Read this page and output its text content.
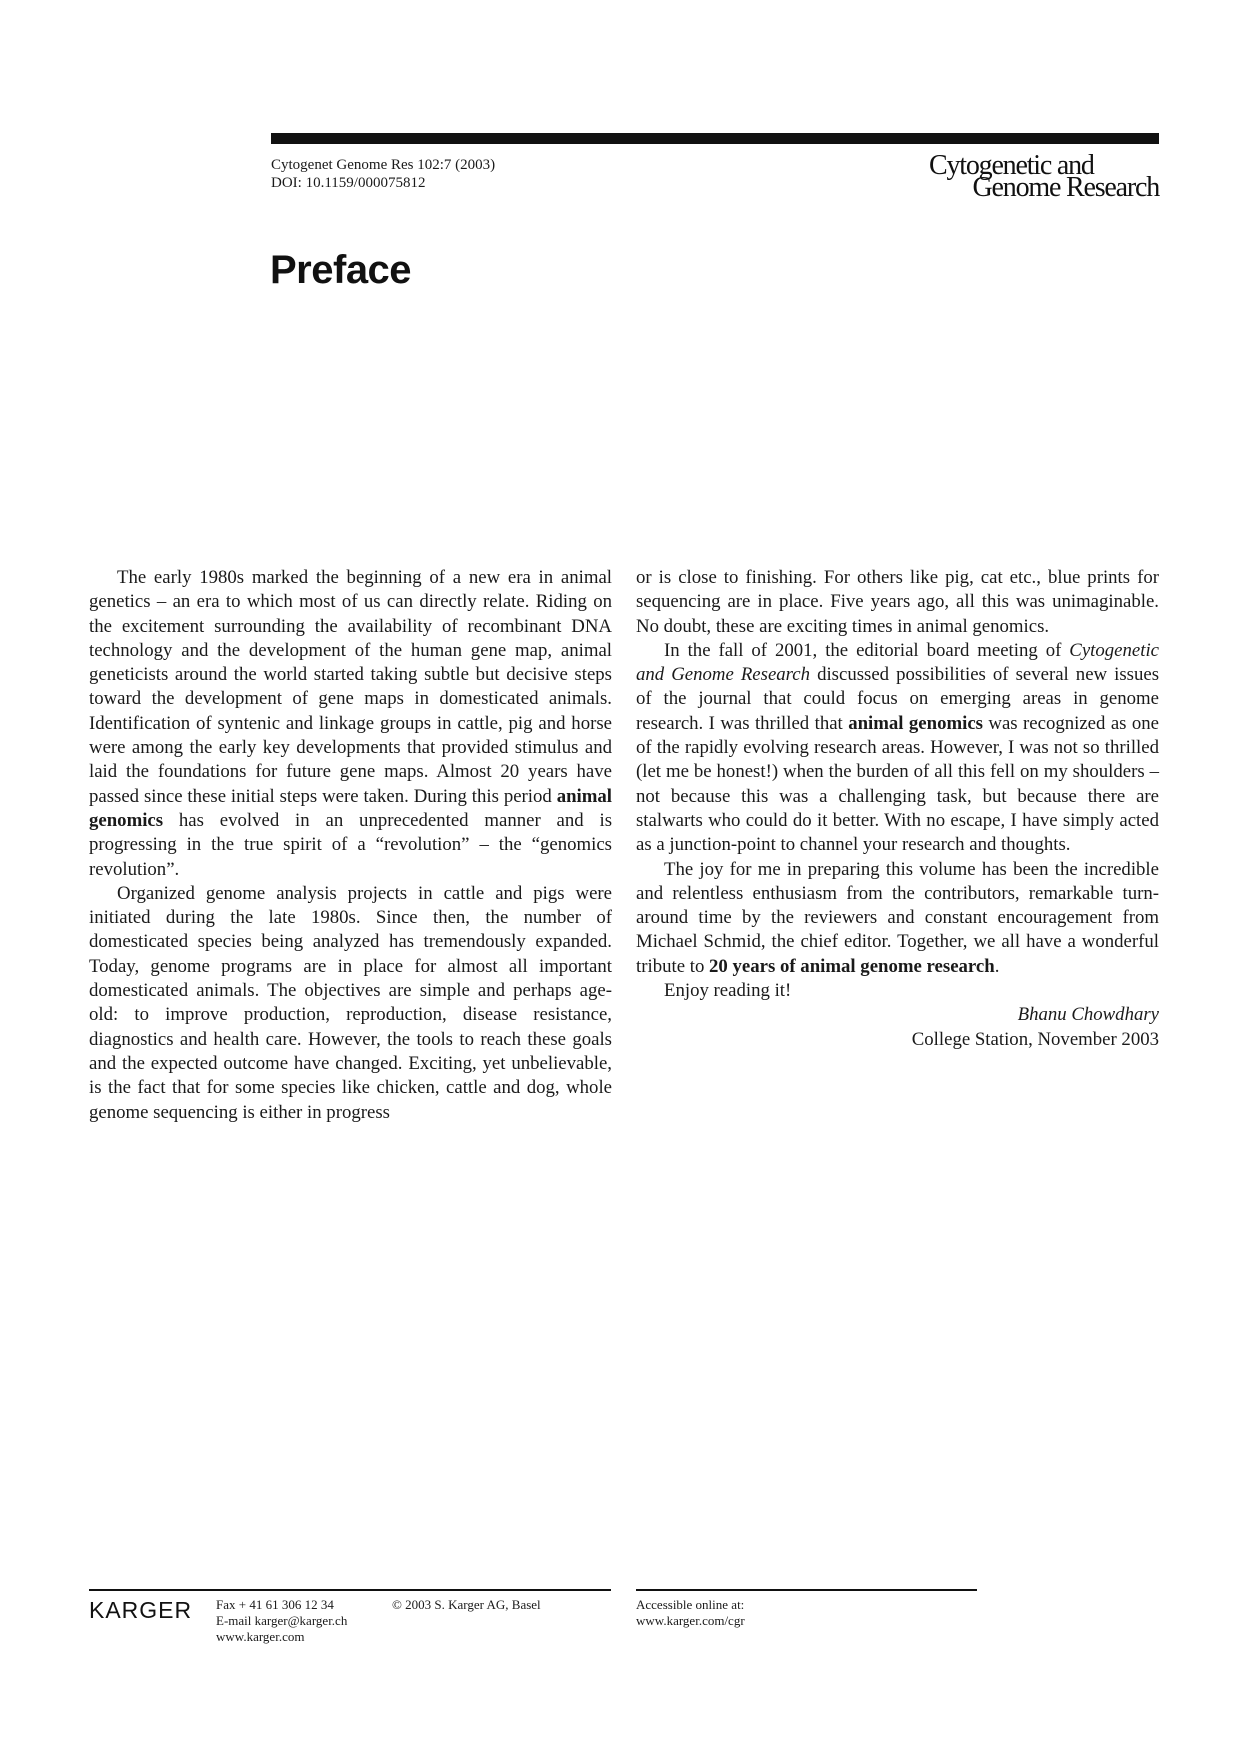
Cytogenet Genome Res 102:7 (2003)
DOI: 10.1159/000075812
Cytogenetic and
Genome Research
Preface

The early 1980s marked the beginning of a new era in animal genetics – an era to which most of us can directly relate. Riding on the excitement surrounding the availability of recombinant DNA technology and the development of the human gene map, animal geneticists around the world started taking subtle but decisive steps toward the development of gene maps in domesticated animals. Identification of syntenic and linkage groups in cattle, pig and horse were among the early key developments that provided stimulus and laid the foundations for future gene maps. Almost 20 years have passed since these initial steps were taken. During this period animal genomics has evolved in an unprecedented manner and is progressing in the true spirit of a “revolution” – the “genomics revolution”.

Organized genome analysis projects in cattle and pigs were initiated during the late 1980s. Since then, the number of domesticated species being analyzed has tremendously expanded. Today, genome programs are in place for almost all important domesticated animals. The objectives are simple and perhaps age-old: to improve production, reproduction, disease resistance, diagnostics and health care. However, the tools to reach these goals and the expected outcome have changed. Exciting, yet unbelievable, is the fact that for some species like chicken, cattle and dog, whole genome sequencing is either in progress

or is close to finishing. For others like pig, cat etc., blue prints for sequencing are in place. Five years ago, all this was unimaginable. No doubt, these are exciting times in animal genomics.

In the fall of 2001, the editorial board meeting of Cytogenetic and Genome Research discussed possibilities of several new issues of the journal that could focus on emerging areas in genome research. I was thrilled that animal genomics was recognized as one of the rapidly evolving research areas. However, I was not so thrilled (let me be honest!) when the burden of all this fell on my shoulders – not because this was a challenging task, but because there are stalwarts who could do it better. With no escape, I have simply acted as a junction-point to channel your research and thoughts.

The joy for me in preparing this volume has been the incredible and relentless enthusiasm from the contributors, remarkable turn-around time by the reviewers and constant encouragement from Michael Schmid, the chief editor. Together, we all have a wonderful tribute to 20 years of animal genome research.

Enjoy reading it!

Bhanu Chowdhary

College Station, November 2003

KARGER Fax + 41 61 306 12 34
E-mail karger@karger.ch
www.karger.com
© 2003 S. Karger AG, Basel	Accessible online at:
www.karger.com/cgr
